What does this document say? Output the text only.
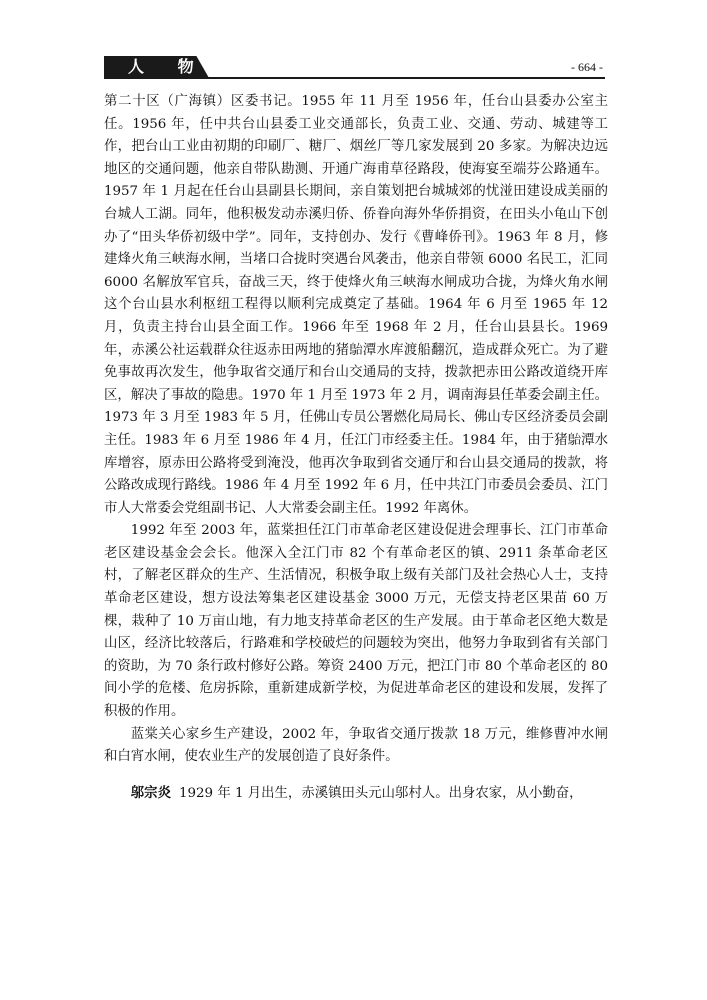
人 物	- 664 -

第二十区（广海镇）区委书记。1955 年 11 月至 1956 年，任台山县委办公室主任。1956 年，任中共台山县委工业交通部长，负责工业、交通、劳动、城建等工作，把台山工业由初期的印刷厂、糖厂、烟丝厂等几家发展到 20 多家。为解决边远地区的交通问题，他亲自带队勘测、开通广海甫草径路段，使海宴至端芬公路通车。1957 年 1 月起在任台山县副县长期间，亲自策划把台城城郊的忧湴田建设成美丽的台城人工湖。同年，他积极发动赤溪归侨、侨眷向海外华侨捐资，在田头小龟山下创办了“田头华侨初级中学”。同年，支持创办、发行《曹峰侨刊》。1963 年 8 月，修建烽火角三峡海水闸，当堵口合拢时突遇台风袭击，他亲自带领 6000 名民工，汇同 6000 名解放军官兵，奋战三天，终于使烽火角三峡海水闸成功合拢，为烽火角水闸这个台山县水利枢纽工程得以顺利完成奠定了基础。1964 年 6 月至 1965 年 12 月，负责主持台山县全面工作。1966 年至 1968 年 2 月，任台山县县长。1969 年，赤溪公社运载群众往返赤田两地的猪𩿡潭水库渡船翻沉，造成群众死亡。为了避免事故再次发生，他争取省交通厅和台山交通局的支持，拨款把赤田公路改道绕开库区，解决了事故的隐患。1970 年 1 月至 1973 年 2 月，调南海县任革委会副主任。1973 年 3 月至 1983 年 5 月，任佛山专员公署燃化局局长、佛山专区经济委员会副主任。1983 年 6 月至 1986 年 4 月，任江门市经委主任。1984 年，由于猪𩿡潭水库增容，原赤田公路将受到淹没，他再次争取到省交通厅和台山县交通局的拨款，将公路改成现行路线。1986 年 4 月至 1992 年 6 月，任中共江门市委员会委员、江门市人大常委会党组副书记、人大常委会副主任。1992 年离休。

1992 年至 2003 年，蓝棠担任江门市革命老区建设促进会理事长、江门市革命老区建设基金会会长。他深入全江门市 82 个有革命老区的镇、2911 条革命老区村，了解老区群众的生产、生活情况，积极争取上级有关部门及社会热心人士，支持革命老区建设，想方设法筹集老区建设基金 3000 万元，无偿支持老区果苗 60 万棵，栽种了 10 万亩山地，有力地支持革命老区的生产发展。由于革命老区绝大数是山区，经济比较落后，行路难和学校破烂的问题较为突出，他努力争取到省有关部门的资助，为 70 条行政村修好公路。筹资 2400 万元，把江门市 80 个革命老区的 80 间小学的危楼、危房拆除，重新建成新学校，为促进革命老区的建设和发展，发挥了积极的作用。

蓝棠关心家乡生产建设，2002 年，争取省交通厅拨款 18 万元，维修曹冲水闸和白宵水闸，使农业生产的发展创造了良好条件。

邬宗炎 1929 年 1 月出生，赤溪镇田头元山邬村人。出身农家，从小勤奋，
